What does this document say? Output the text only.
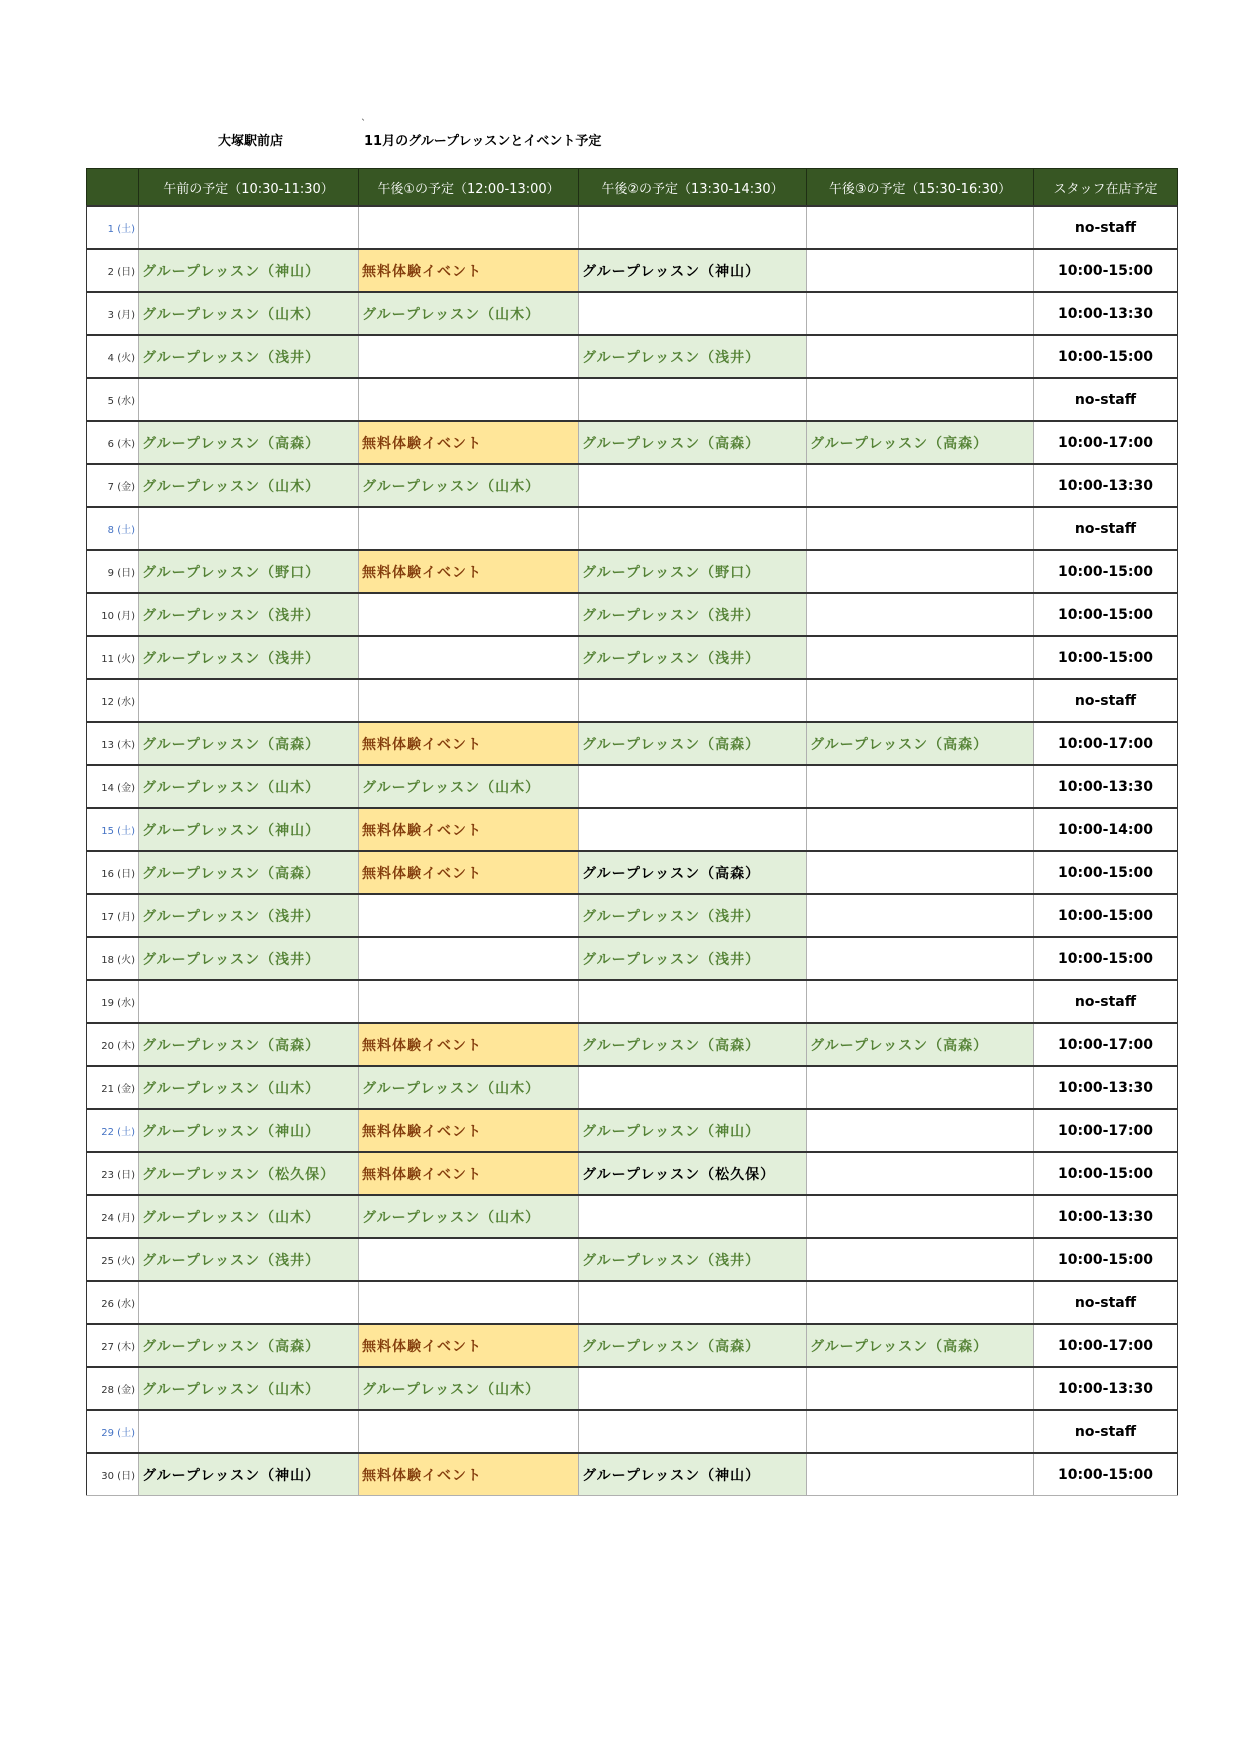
ˎ
大塚駅前店	11月のグループレッスンとイベント予定
	午前の予定（10:30-11:30）	午後①の予定（12:00-13:00）	午後②の予定（13:30-14:30）	午後③の予定（15:30-16:30）	スタッフ在店予定
1 (土)					no-staff
2 (日)	グループレッスン（神山）	無料体験イベント	グループレッスン（神山）		10:00-15:00
3 (月)	グループレッスン（山木）	グループレッスン（山木）			10:00-13:30
4 (火)	グループレッスン（浅井）		グループレッスン（浅井）		10:00-15:00
5 (水)					no-staff
6 (木)	グループレッスン（高森）	無料体験イベント	グループレッスン（高森）	グループレッスン（高森）	10:00-17:00
7 (金)	グループレッスン（山木）	グループレッスン（山木）			10:00-13:30
8 (土)					no-staff
9 (日)	グループレッスン（野口）	無料体験イベント	グループレッスン（野口）		10:00-15:00
10 (月)	グループレッスン（浅井）		グループレッスン（浅井）		10:00-15:00
11 (火)	グループレッスン（浅井）		グループレッスン（浅井）		10:00-15:00
12 (水)					no-staff
13 (木)	グループレッスン（高森）	無料体験イベント	グループレッスン（高森）	グループレッスン（高森）	10:00-17:00
14 (金)	グループレッスン（山木）	グループレッスン（山木）			10:00-13:30
15 (土)	グループレッスン（神山）	無料体験イベント			10:00-14:00
16 (日)	グループレッスン（高森）	無料体験イベント	グループレッスン（高森）		10:00-15:00
17 (月)	グループレッスン（浅井）		グループレッスン（浅井）		10:00-15:00
18 (火)	グループレッスン（浅井）		グループレッスン（浅井）		10:00-15:00
19 (水)					no-staff
20 (木)	グループレッスン（高森）	無料体験イベント	グループレッスン（高森）	グループレッスン（高森）	10:00-17:00
21 (金)	グループレッスン（山木）	グループレッスン（山木）			10:00-13:30
22 (土)	グループレッスン（神山）	無料体験イベント	グループレッスン（神山）		10:00-17:00
23 (日)	グループレッスン（松久保）	無料体験イベント	グループレッスン（松久保）		10:00-15:00
24 (月)	グループレッスン（山木）	グループレッスン（山木）			10:00-13:30
25 (火)	グループレッスン（浅井）		グループレッスン（浅井）		10:00-15:00
26 (水)					no-staff
27 (木)	グループレッスン（高森）	無料体験イベント	グループレッスン（高森）	グループレッスン（高森）	10:00-17:00
28 (金)	グループレッスン（山木）	グループレッスン（山木）			10:00-13:30
29 (土)					no-staff
30 (日)	グループレッスン（神山）	無料体験イベント	グループレッスン（神山）		10:00-15:00
